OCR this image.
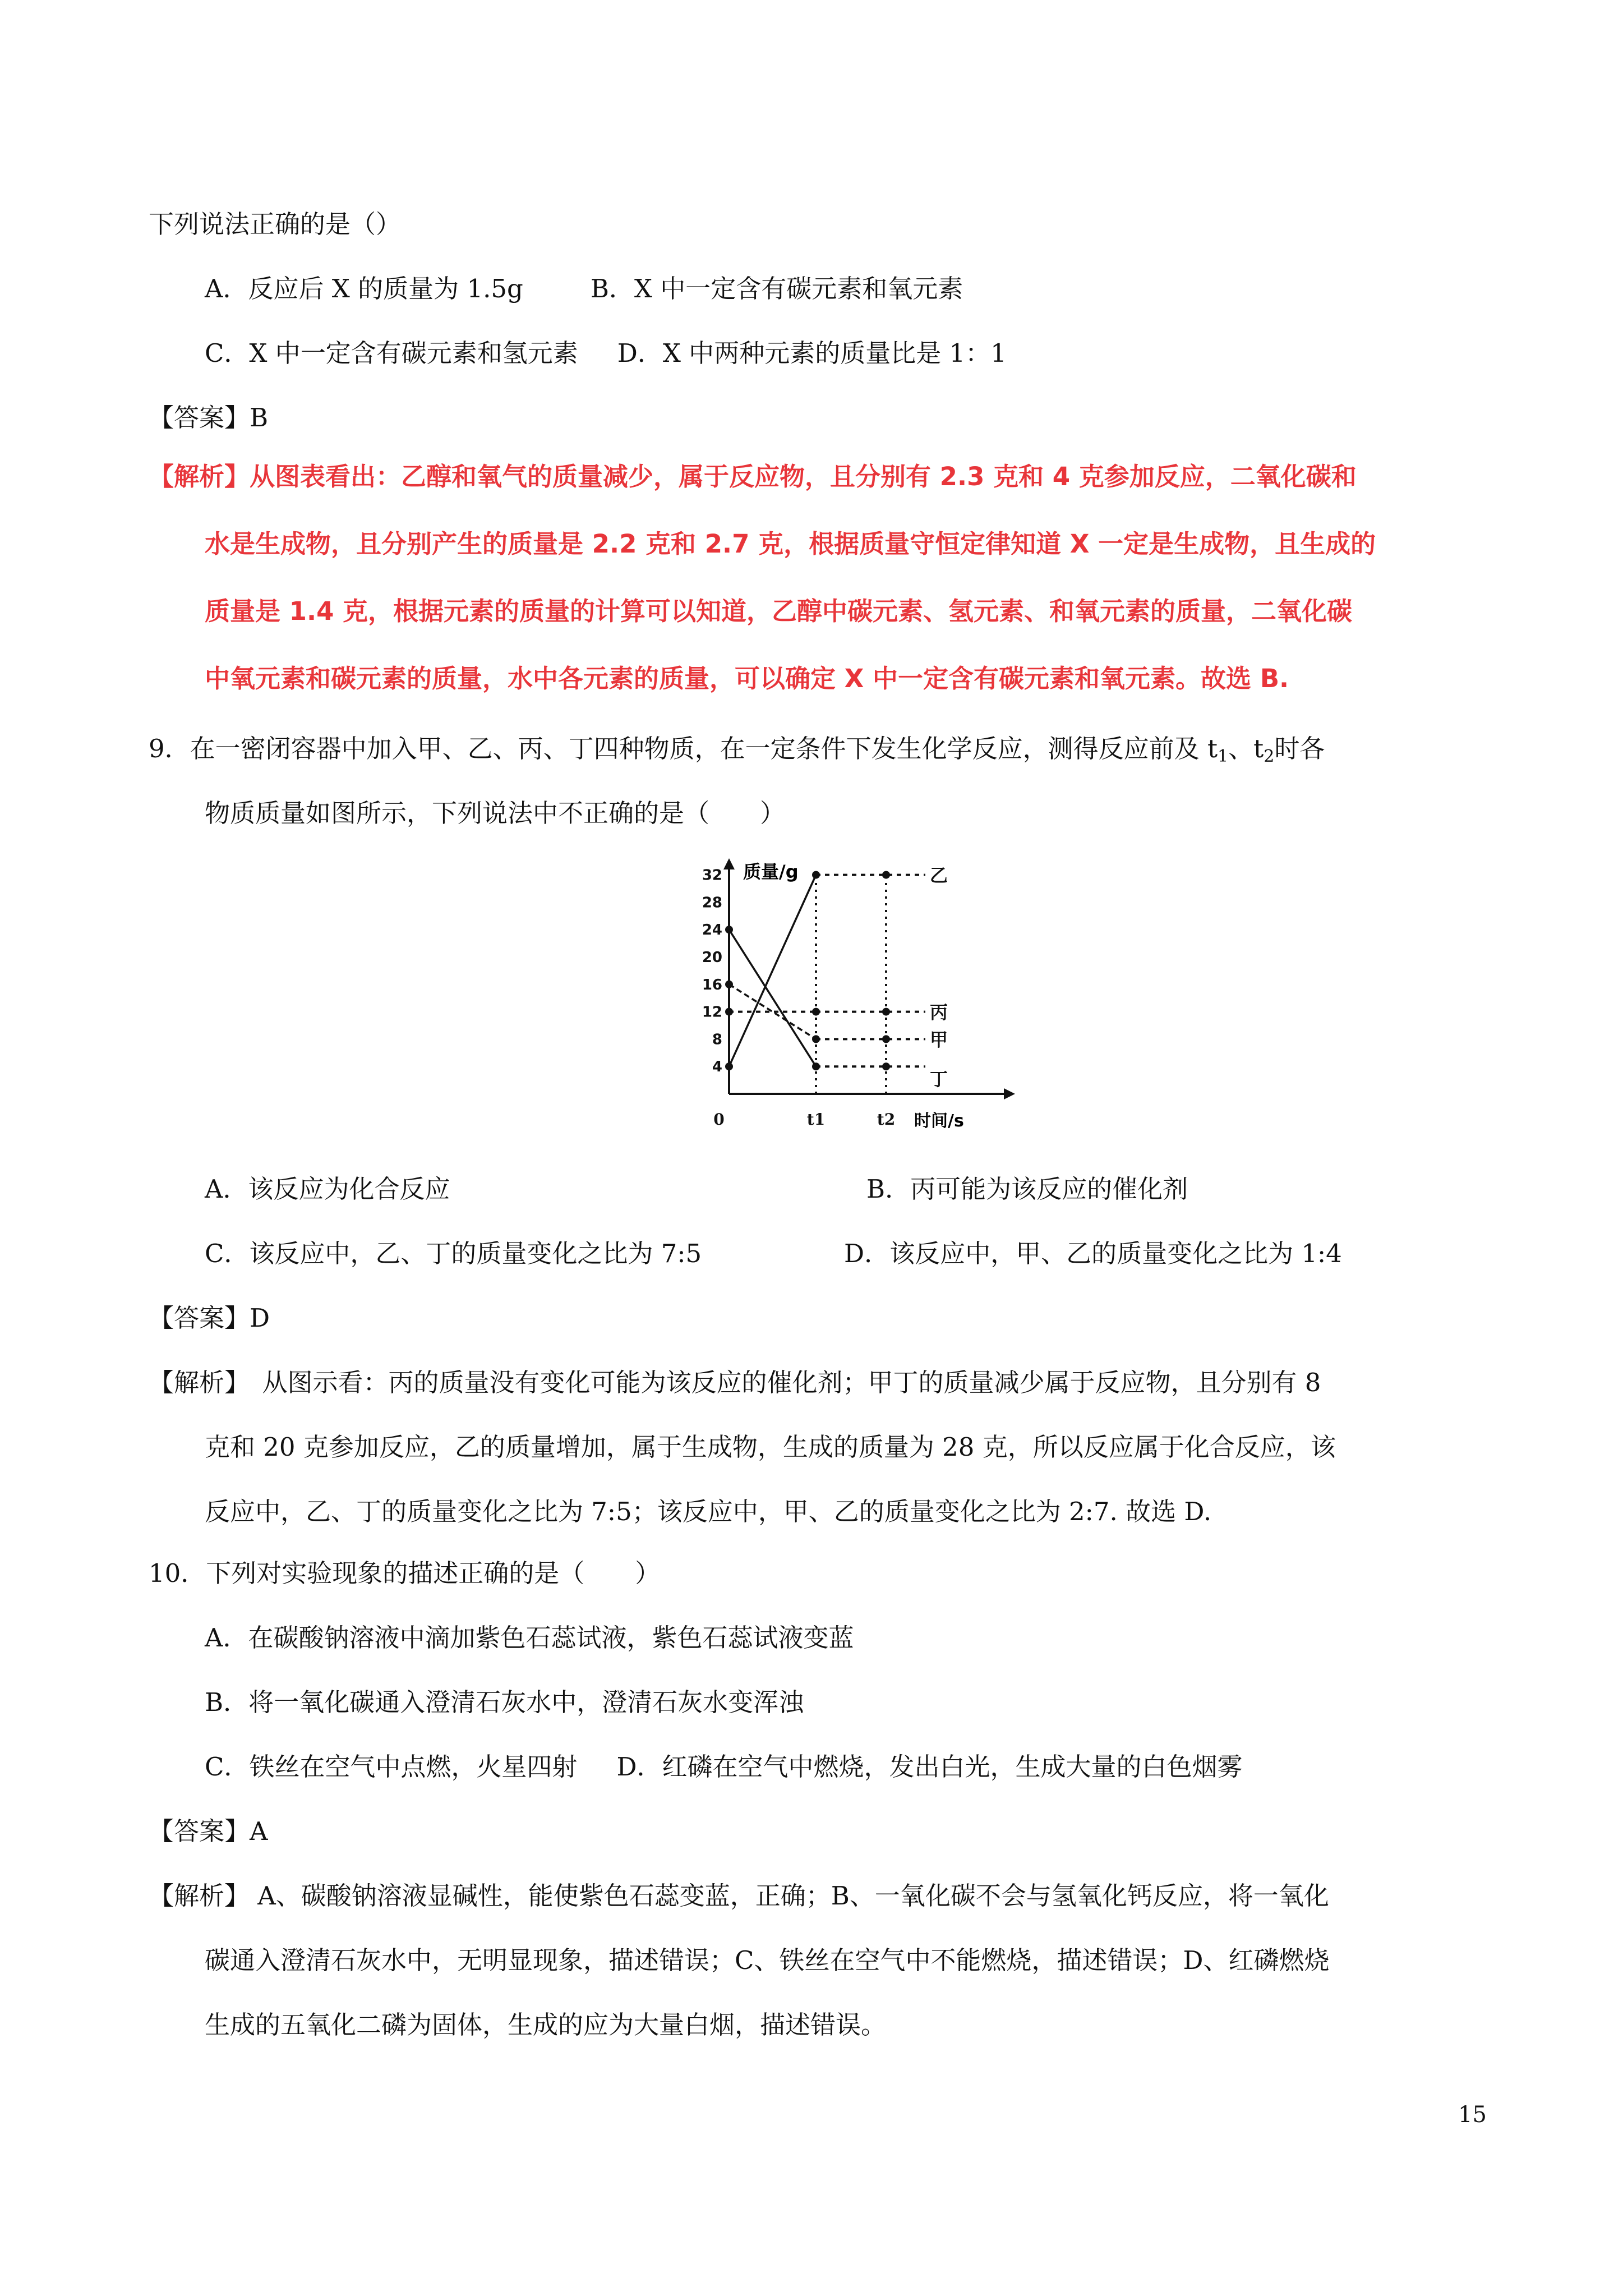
下列说法正确的是（）
A．反应后 X 的质量为 1.5g	B．X 中一定含有碳元素和氧元素
C．X 中一定含有碳元素和氢元素 D．X 中两种元素的质量比是 1：1
【答案】B
【解析】从图表看出：乙醇和氧气的质量减少，属于反应物，且分别有 2.3 克和 4 克参加反应，二氧化碳和
水是生成物，且分别产生的质量是 2.2 克和 2.7 克，根据质量守恒定律知道 X 一定是生成物，且生成的
质量是 1.4 克，根据元素的质量的计算可以知道，乙醇中碳元素、氢元素、和氧元素的质量，二氧化碳
中氧元素和碳元素的质量，水中各元素的质量，可以确定 X 中一定含有碳元素和氧元素。故选 B.
9．在一密闭容器中加入甲、乙、丙、丁四种物质，在一定条件下发生化学反应，测得反应前及 $t_1$、$t_2$时各
物质质量如图所示，下列说法中不正确的是（　　）
质量/g
时间/s
32
28
24
20
16
12
8
4
0	t1	t2
乙
丙
甲
丁
A．该反应为化合反应	B．丙可能为该反应的催化剂
C．该反应中，乙、丁的质量变化之比为 7:5	D．该反应中，甲、乙的质量变化之比为 1:4
【答案】D
【解析】　从图示看：丙的质量没有变化可能为该反应的催化剂；甲丁的质量减少属于反应物，且分别有 8
克和 20 克参加反应，乙的质量增加，属于生成物，生成的质量为 28 克，所以反应属于化合反应，该
反应中，乙、丁的质量变化之比为 7:5；该反应中，甲、乙的质量变化之比为 2:7. 故选 D.
10．下列对实验现象的描述正确的是（　　）
A．在碳酸钠溶液中滴加紫色石蕊试液，紫色石蕊试液变蓝
B．将一氧化碳通入澄清石灰水中，澄清石灰水变浑浊
C．铁丝在空气中点燃，火星四射 D．红磷在空气中燃烧，发出白光，生成大量的白色烟雾
【答案】A
【解析】 A、碳酸钠溶液显碱性，能使紫色石蕊变蓝，正确；B、一氧化碳不会与氢氧化钙反应，将一氧化
碳通入澄清石灰水中，无明显现象，描述错误；C、铁丝在空气中不能燃烧，描述错误；D、红磷燃烧
生成的五氧化二磷为固体，生成的应为大量白烟，描述错误。
15
